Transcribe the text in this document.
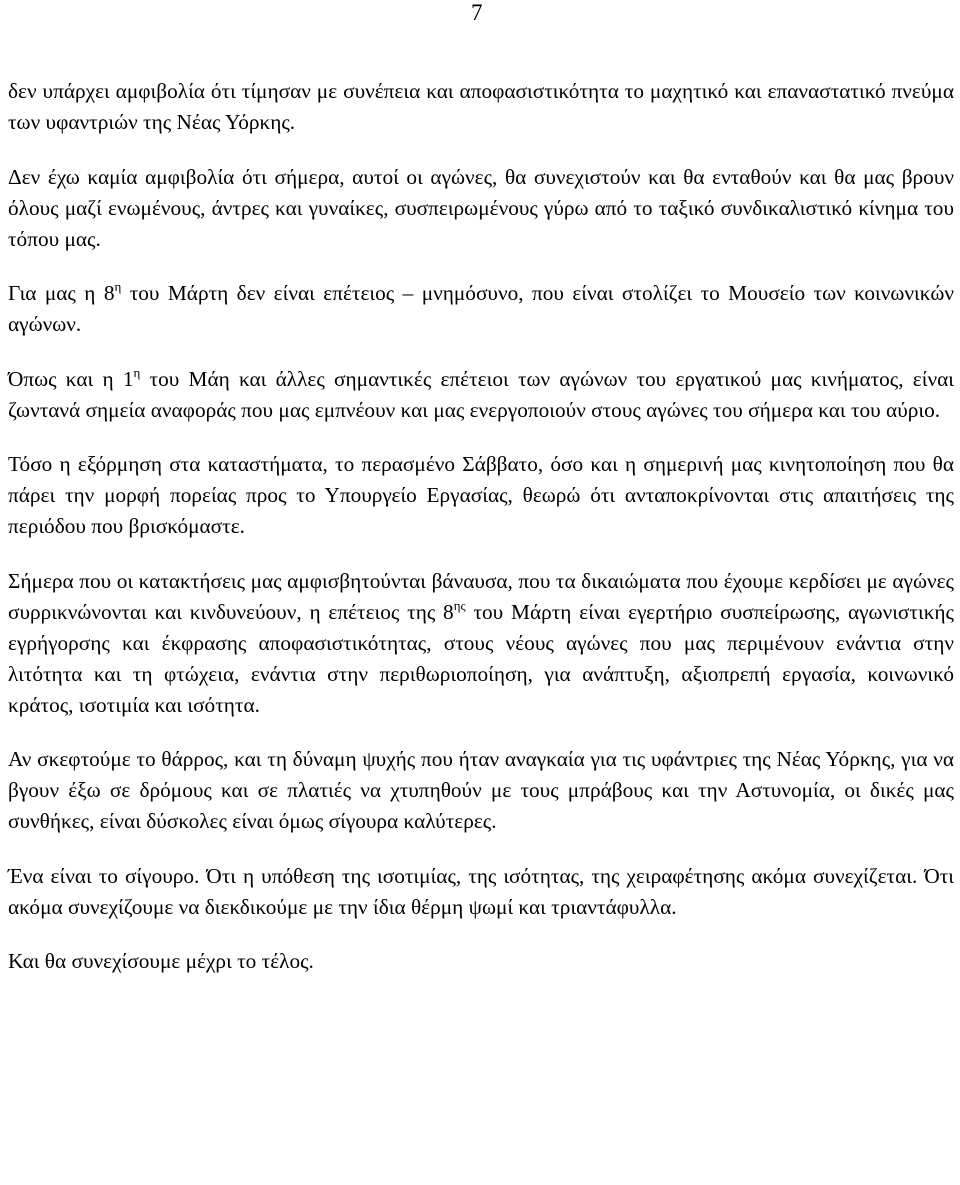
7

δεν υπάρχει αμφιβολία ότι τίμησαν με συνέπεια και αποφασιστικότητα το μαχητικό και επαναστατικό πνεύμα των υφαντριών της Νέας Υόρκης.

Δεν έχω καμία αμφιβολία ότι σήμερα, αυτοί οι αγώνες, θα συνεχιστούν και θα ενταθούν και θα μας βρουν όλους μαζί ενωμένους, άντρες και γυναίκες, συσπειρωμένους γύρω από το ταξικό συνδικαλιστικό κίνημα του τόπου μας.

Για μας η $8^\eta$ του Μάρτη δεν είναι επέτειος – μνημόσυνο, που είναι στολίζει το Μουσείο των κοινωνικών αγώνων.

Όπως και η $1^\eta$ του Μάη και άλλες σημαντικές επέτειοι των αγώνων του εργατικού μας κινήματος, είναι ζωντανά σημεία αναφοράς που μας εμπνέουν και μας ενεργοποιούν στους αγώνες του σήμερα και του αύριο.

Τόσο η εξόρμηση στα καταστήματα, το περασμένο Σάββατο, όσο και η σημερινή μας κινητοποίηση που θα πάρει την μορφή πορείας προς το Υπουργείο Εργασίας, θεωρώ ότι ανταποκρίνονται στις απαιτήσεις της περιόδου που βρισκόμαστε.

Σήμερα που οι κατακτήσεις μας αμφισβητούνται βάναυσα, που τα δικαιώματα που έχουμε κερδίσει με αγώνες συρρικνώνονται και κινδυνεύουν, η επέτειος της $8^{\eta\varsigma}$ του Μάρτη είναι εγερτήριο συσπείρωσης, αγωνιστικής εγρήγορσης και έκφρασης αποφασιστικότητας, στους νέους αγώνες που μας περιμένουν ενάντια στην λιτότητα και τη φτώχεια, ενάντια στην περιθωριοποίηση, για ανάπτυξη, αξιοπρεπή εργασία, κοινωνικό κράτος, ισοτιμία και ισότητα.

Αν σκεφτούμε το θάρρος, και τη δύναμη ψυχής που ήταν αναγκαία για τις υφάντριες της Νέας Υόρκης, για να βγουν έξω σε δρόμους και σε πλατιές να χτυπηθούν με τους μπράβους και την Αστυνομία, οι δικές μας συνθήκες, είναι δύσκολες είναι όμως σίγουρα καλύτερες.

Ένα είναι το σίγουρο. Ότι η υπόθεση της ισοτιμίας, της ισότητας, της χειραφέτησης ακόμα συνεχίζεται. Ότι ακόμα συνεχίζουμε να διεκδικούμε με την ίδια θέρμη ψωμί και τριαντάφυλλα.

Και θα συνεχίσουμε μέχρι το τέλος.
